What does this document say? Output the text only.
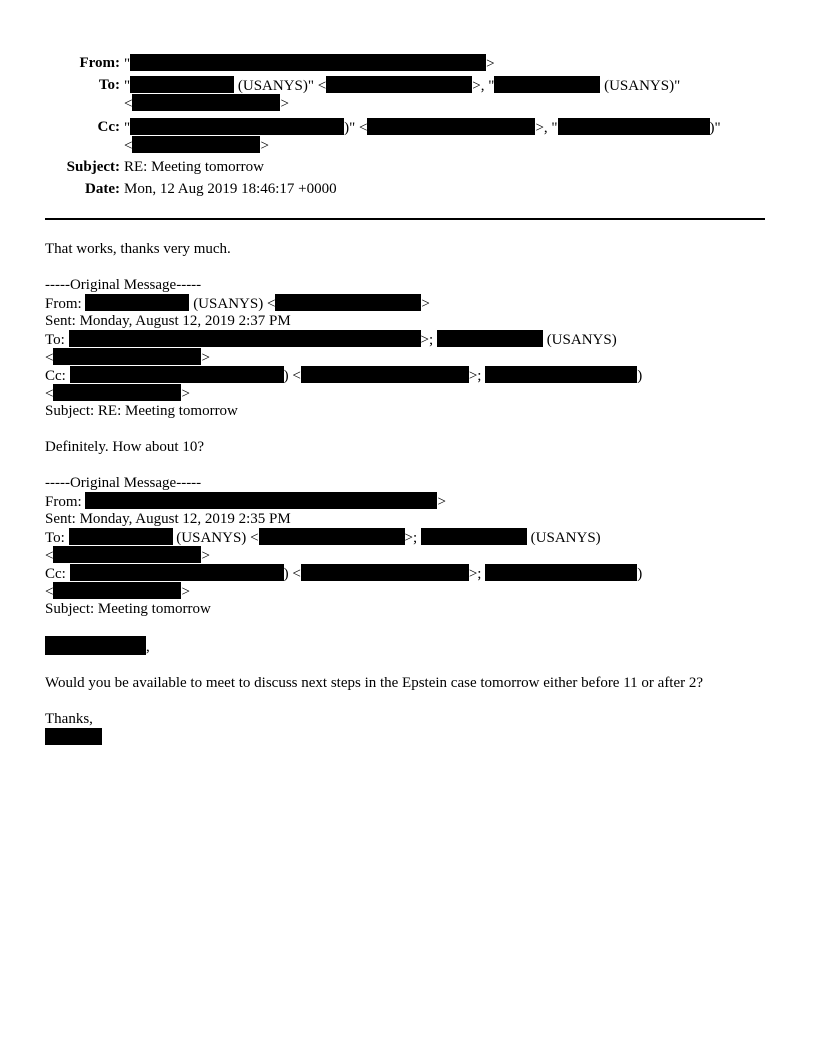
From: "	>
To: "	(USANYS)" <	>, "	(USANYS)"
<	>
Cc: "	)" <	>, "	)"
<	>
Subject: RE: Meeting tomorrow
Date: Mon, 12 Aug 2019 18:46:17 +0000
That works, thanks very much.
-----Original Message-----
From:	(USANYS) <	>
Sent: Monday, August 12, 2019 2:37 PM
To:	>;	(USANYS)
<	>
Cc:	) <	>;	)
<	>
Subject: RE: Meeting tomorrow
Definitely. How about 10?
-----Original Message-----
From:	>
Sent: Monday, August 12, 2019 2:35 PM
To:	(USANYS) <	>;	(USANYS)
<	>
Cc:	) <	>;	)
<	>
Subject: Meeting tomorrow
,
Would you be available to meet to discuss next steps in the Epstein case tomorrow either before 11 or after 2?
Thanks,
